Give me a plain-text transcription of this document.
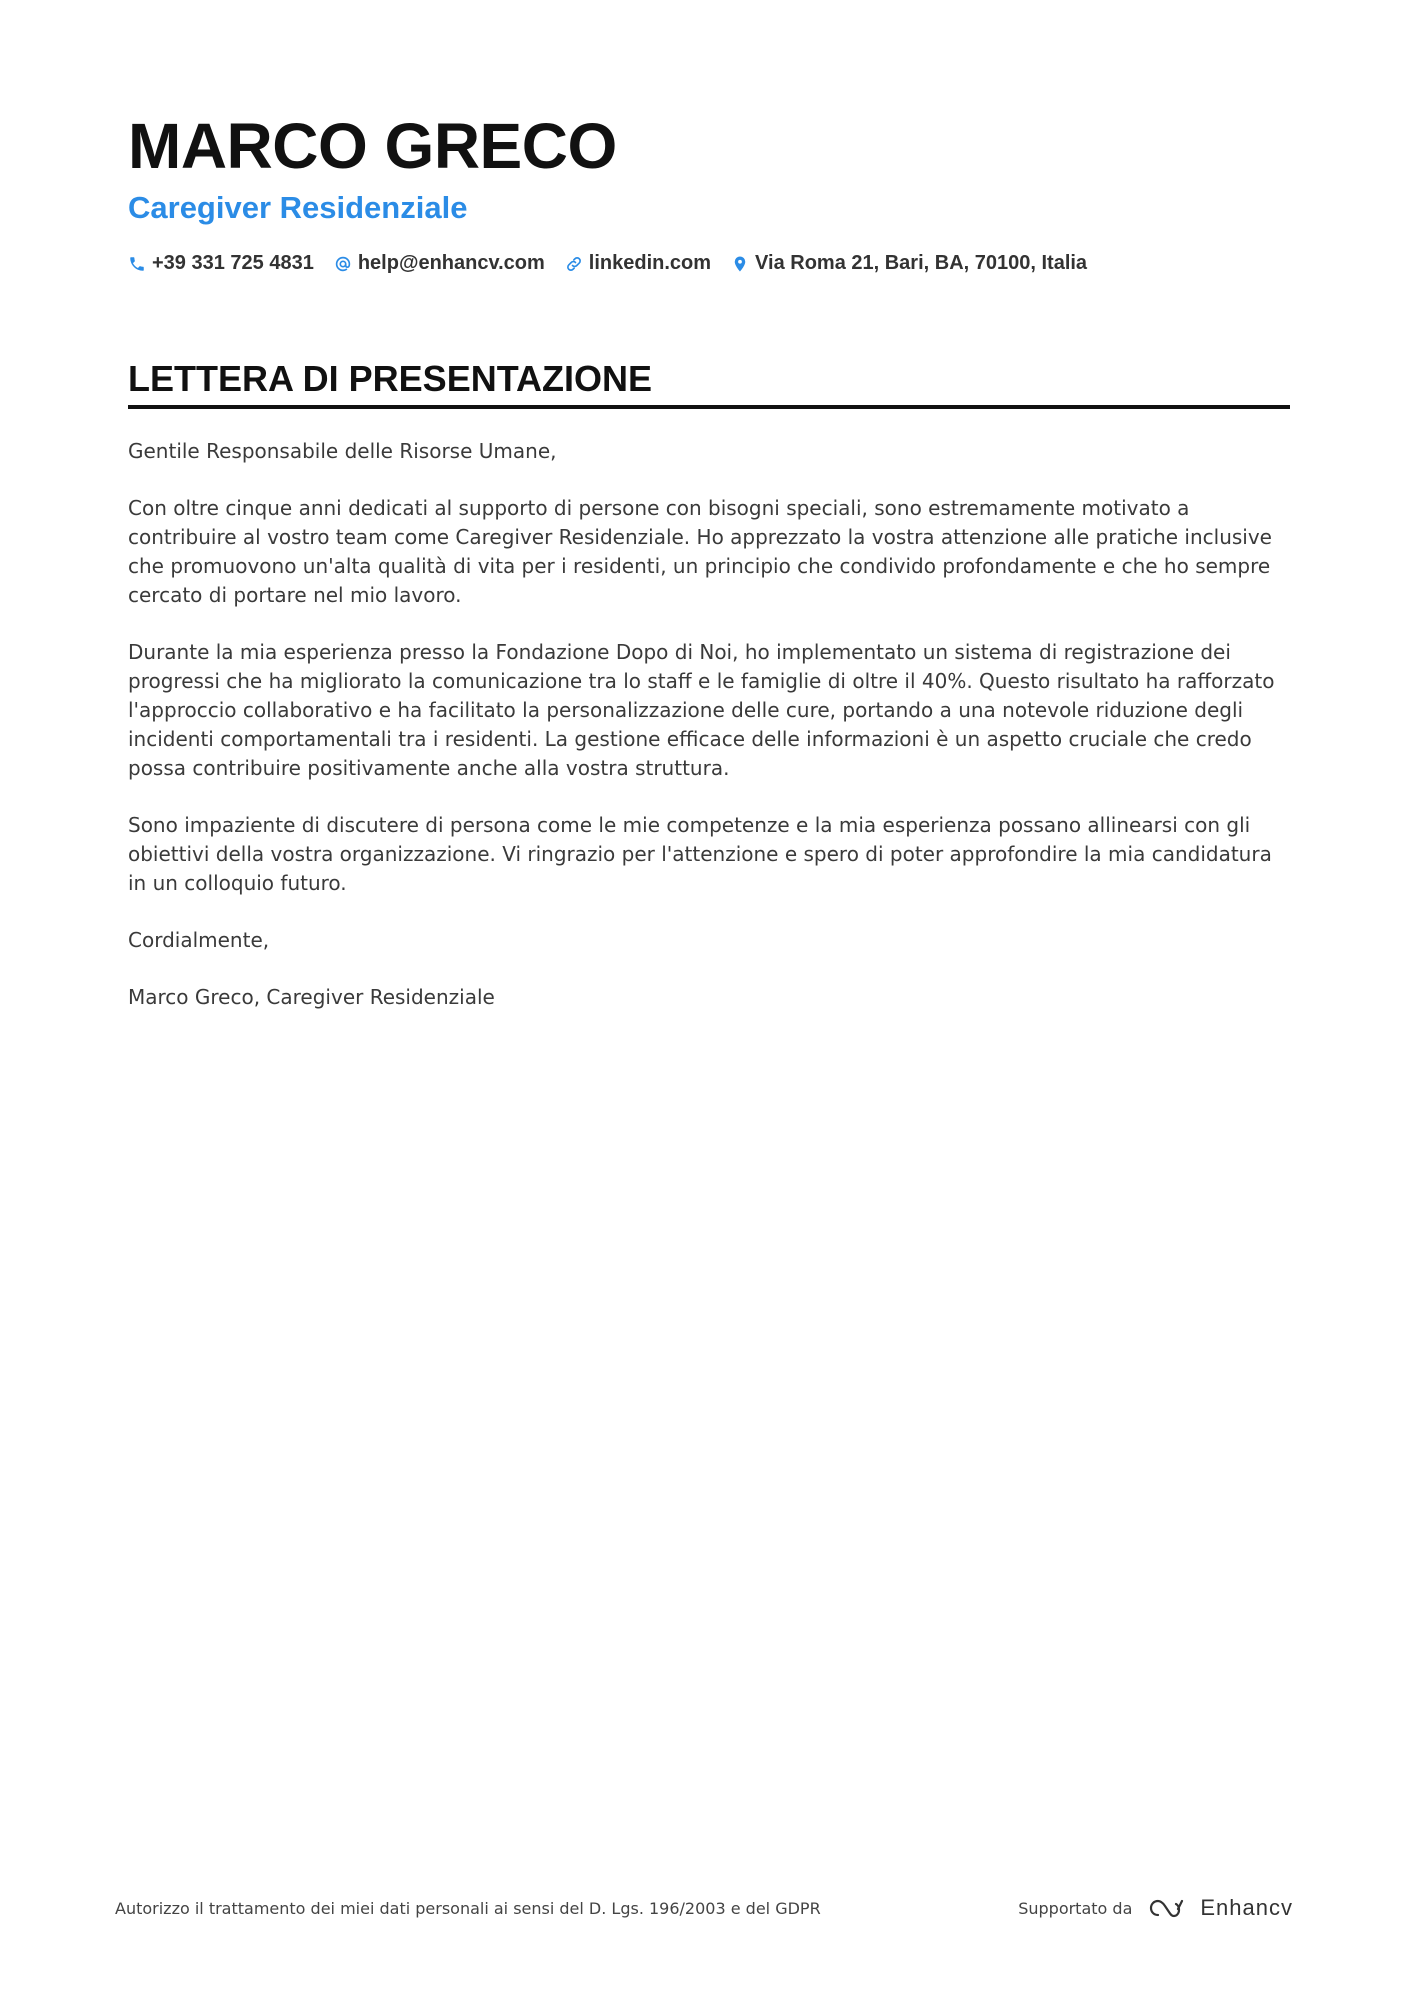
MARCO GRECO
Caregiver Residenziale
+39 331 725 4831 help@enhancv.com linkedin.com Via Roma 21, Bari, BA, 70100, Italia
LETTERA DI PRESENTAZIONE

Gentile Responsabile delle Risorse Umane,

Con oltre cinque anni dedicati al supporto di persone con bisogni speciali, sono estremamente motivato a contribuire al vostro team come Caregiver Residenziale. Ho apprezzato la vostra attenzione alle pratiche inclusive che promuovono un'alta qualità di vita per i residenti, un principio che condivido profondamente e che ho sempre cercato di portare nel mio lavoro.

Durante la mia esperienza presso la Fondazione Dopo di Noi, ho implementato un sistema di registrazione dei progressi che ha migliorato la comunicazione tra lo staff e le famiglie di oltre il 40%. Questo risultato ha rafforzato l'approccio collaborativo e ha facilitato la personalizzazione delle cure, portando a una notevole riduzione degli incidenti comportamentali tra i residenti. La gestione efficace delle informazioni è un aspetto cruciale che credo possa contribuire positivamente anche alla vostra struttura.

Sono impaziente di discutere di persona come le mie competenze e la mia esperienza possano allinearsi con gli obiettivi della vostra organizzazione. Vi ringrazio per l'attenzione e spero di poter approfondire la mia candidatura in un colloquio futuro.

Cordialmente,

Marco Greco, Caregiver Residenziale

Autorizzo il trattamento dei miei dati personali ai sensi del D. Lgs. 196/2003 e del GDPR	Supportato da	Enhancv
